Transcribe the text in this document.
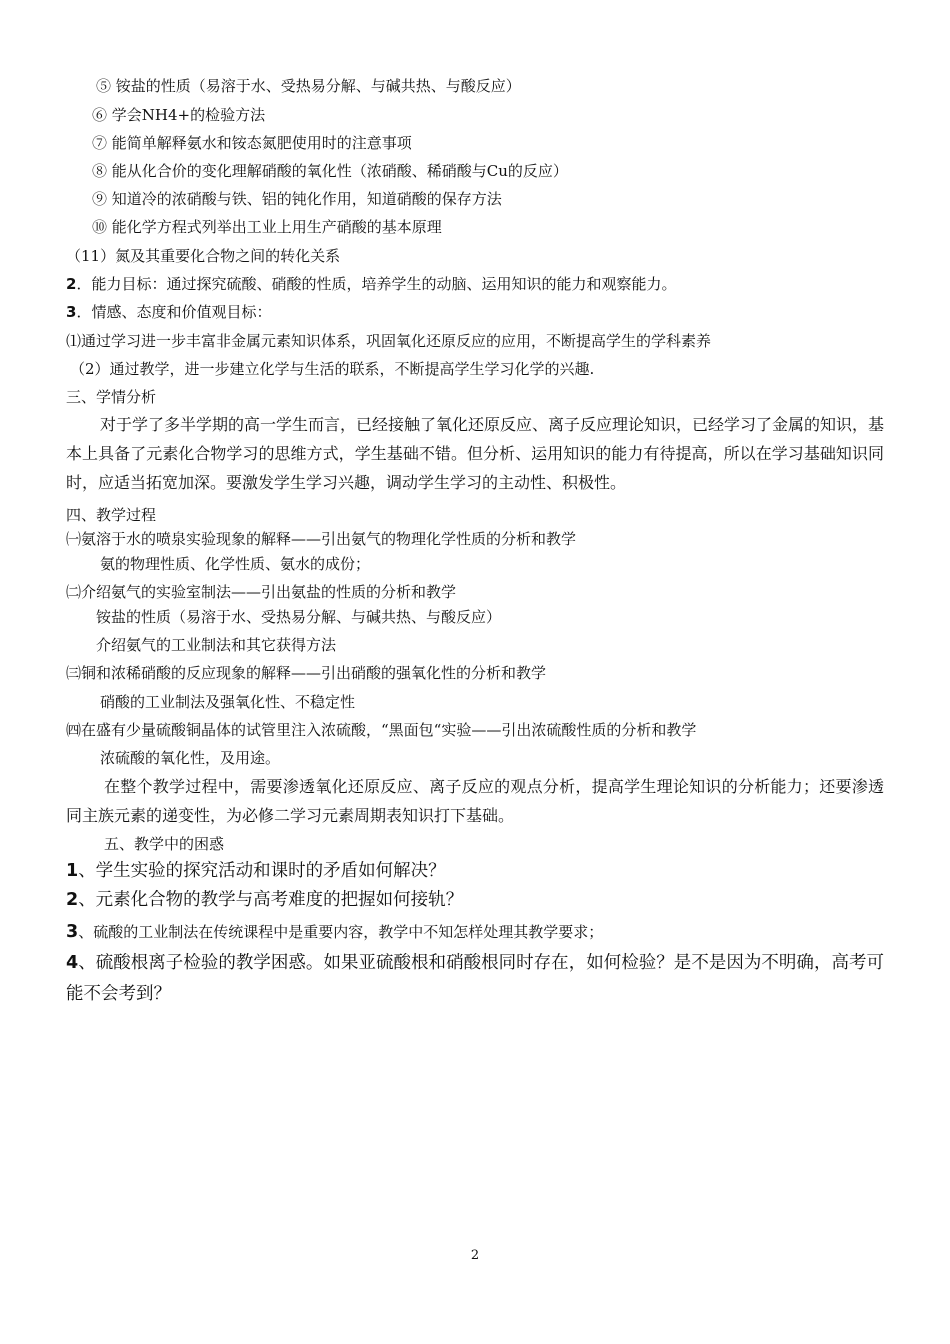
⑤ 铵盐的性质（易溶于水、受热易分解、与碱共热、与酸反应）
⑥ 学会NH4+的检验方法
⑦ 能简单解释氨水和铵态氮肥使用时的注意事项
⑧ 能从化合价的变化理解硝酸的氧化性（浓硝酸、稀硝酸与Cu的反应）
⑨ 知道冷的浓硝酸与铁、铝的钝化作用，知道硝酸的保存方法
⑩ 能化学方程式列举出工业上用生产硝酸的基本原理
（11）氮及其重要化合物之间的转化关系
2．能力目标：通过探究硫酸、硝酸的性质，培养学生的动脑、运用知识的能力和观察能力。
3．情感、态度和价值观目标：
⑴通过学习进一步丰富非金属元素知识体系，巩固氧化还原反应的应用，不断提高学生的学科素养
（2）通过教学，进一步建立化学与生活的联系，不断提高学生学习化学的兴趣.
三、学情分析
对于学了多半学期的高一学生而言，已经接触了氧化还原反应、离子反应理论知识，已经学习了金属的知识，基本上具备了元素化合物学习的思维方式，学生基础不错。但分析、运用知识的能力有待提高，所以在学习基础知识同时，应适当拓宽加深。要激发学生学习兴趣，调动学生学习的主动性、积极性。
四、教学过程
㈠氨溶于水的喷泉实验现象的解释——引出氨气的物理化学性质的分析和教学
氨的物理性质、化学性质、氨水的成份；
㈡介绍氨气的实验室制法——引出氨盐的性质的分析和教学
铵盐的性质（易溶于水、受热易分解、与碱共热、与酸反应）
介绍氨气的工业制法和其它获得方法
㈢铜和浓稀硝酸的反应现象的解释——引出硝酸的强氧化性的分析和教学
硝酸的工业制法及强氧化性、不稳定性
㈣在盛有少量硫酸铜晶体的试管里注入浓硫酸，“黑面包“实验——引出浓硫酸性质的分析和教学
浓硫酸的氧化性，及用途。
在整个教学过程中，需要渗透氧化还原反应、离子反应的观点分析，提高学生理论知识的分析能力；还要渗透同主族元素的递变性，为必修二学习元素周期表知识打下基础。
五、教学中的困惑
1、学生实验的探究活动和课时的矛盾如何解决？
2、元素化合物的教学与高考难度的把握如何接轨？
3、硫酸的工业制法在传统课程中是重要内容，教学中不知怎样处理其教学要求；
4、硫酸根离子检验的教学困惑。如果亚硫酸根和硝酸根同时存在，如何检验？是不是因为不明确，高考可能不会考到？
2
